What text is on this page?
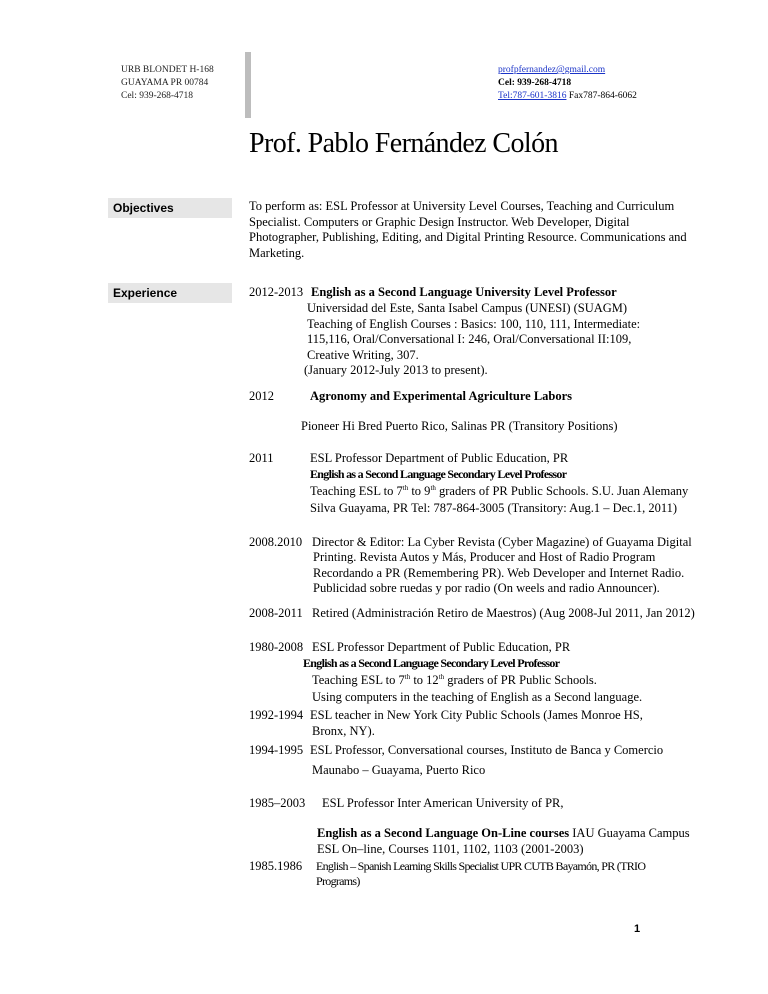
URB BLONDET H-168
GUAYAMA PR 00784
Cel: 939-268-4718
profpfernandez@gmail.com
Cel: 939-268-4718
Tel:787-601-3816 Fax787-864-6062
Prof. Pablo Fernández Colón
Objectives	To perform as: ESL Professor at University Level Courses, Teaching and Curriculum
Specialist. Computers or Graphic Design Instructor. Web Developer, Digital
Photographer, Publishing, Editing, and Digital Printing Resource. Communications and
Marketing.
Experience	2012-2013 English as a Second Language University Level Professor
Universidad del Este, Santa Isabel Campus (UNESI) (SUAGM)
Teaching of English Courses : Basics: 100, 110, 111, Intermediate:
115,116, Oral/Conversational I: 246, Oral/Conversational II:109,
Creative Writing, 307.
(January 2012-July 2013 to present).
2012	Agronomy and Experimental Agriculture Labors
Pioneer Hi Bred Puerto Rico, Salinas PR (Transitory Positions)
2011	ESL Professor Department of Public Education, PR
English as a Second Language Secondary Level Professor
Teaching ESL to 7th to 9th graders of PR Public Schools. S.U. Juan Alemany
Silva Guayama, PR Tel: 787-864-3005 (Transitory: Aug.1 – Dec.1, 2011)
2008.2010 Director & Editor: La Cyber Revista (Cyber Magazine) of Guayama Digital
Printing. Revista Autos y Más, Producer and Host of Radio Program
Recordando a PR (Remembering PR). Web Developer and Internet Radio.
Publicidad sobre ruedas y por radio (On weels and radio Announcer).
2008-2011 Retired (Administración Retiro de Maestros) (Aug 2008-Jul 2011, Jan 2012)
1980-2008 ESL Professor Department of Public Education, PR
English as a Second Language Secondary Level Professor
Teaching ESL to 7th to 12th graders of PR Public Schools.
Using computers in the teaching of English as a Second language.
1992-1994 ESL teacher in New York City Public Schools (James Monroe HS,
Bronx, NY).
1994-1995 ESL Professor, Conversational courses, Instituto de Banca y Comercio
Maunabo – Guayama, Puerto Rico
1985–2003 ESL Professor Inter American University of PR,
English as a Second Language On-Line courses IAU Guayama Campus
ESL On–line, Courses 1101, 1102, 1103 (2001-2003)
1985.1986 English – Spanish Learning Skills Specialist UPR CUTB Bayamón, PR (TRIO
Programs)
1
